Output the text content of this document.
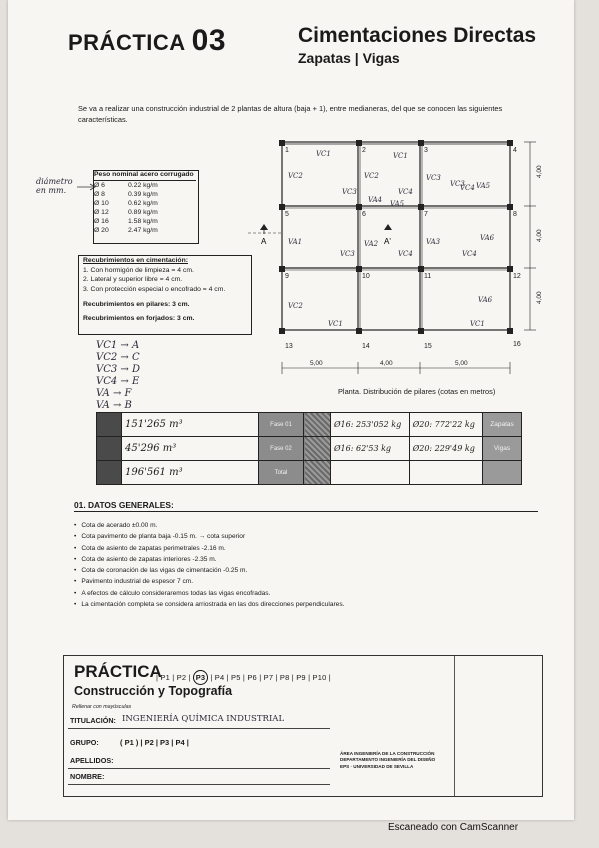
PRÁCTICA 03	Cimentaciones Directas
Zapatas | Vigas
Se va a realizar una construcción industrial de 2 plantas de altura (baja + 1), entre medianeras, del que se conocen las siguientes características.
diámetro en mm.
Peso nominal acero corrugado
Ø 6	0.22 kg/m
Ø 8	0.39 kg/m
Ø 10	0.62 kg/m
Ø 12	0.89 kg/m
Ø 16	1.58 kg/m
Ø 20	2.47 kg/m
Recubrimientos en cimentación:
1. Con hormigón de limpieza = 4 cm.
2. Lateral y superior libre = 4 cm.
3. Con protección especial o encofrado = 4 cm.
Recubrimientos en pilares: 3 cm.
Recubrimientos en forjados: 3 cm.
VC1 → A
VC2 → C
VC3 → D
VC4 → E
VA → F
VA → B
1	2	3	4
5	6	7	8
9	10	11	12
13	14	15	16
VC1	VC1
VC2
VC2
VC2	VC3
VC3
VC3
VC3	VC4
VC4
VC4
VC4
VA1	VA2	VA3
VA4 VA5
VA6
VA5
VA6
VC1	VC1
A	A'
5,00	4,00	5,00
4,00
4,00
4,00
Planta. Distribución de pilares (cotas en metros)
	151'265 m³	Fase 01		Ø16: 253'052 kg	Ø20: 772'22 kg	Zapatas
	45'296 m³	Fase 02		Ø16: 62'53 kg	Ø20: 229'49 kg	Vigas
	196'561 m³	Total				
01. DATOS GENERALES:
• Cota de acerado ±0.00 m.
• Cota pavimento de planta baja -0.15 m. → cota superior
• Cota de asiento de zapatas perimetrales -2.16 m.
• Cota de asiento de zapatas interiores -2.35 m.
• Cota de coronación de las vigas de cimentación -0.25 m.
• Pavimento industrial de espesor 7 cm.
• A efectos de cálculo consideraremos todas las vigas encofradas.
• La cimentación completa se considera arriostrada en las dos direcciones perpendiculares.
PRÁCTICA
| P1 | P2 | P3 | P4 | P5 | P6 | P7 | P8 | P9 | P10 |
Construcción y Topografía
Rellenar con mayúsculas
TITULACIÓN: INGENIERÍA QUÍMICA INDUSTRIAL
GRUPO:	( P1 ) | P2 | P3 | P4 |
APELLIDOS:
NOMBRE:
ÁREA INGENIERÍA DE LA CONSTRUCCIÓN
DEPARTAMENTO INGENIERÍA DEL DISEÑO
EPS · UNIVERSIDAD DE SEVILLA
Escaneado con CamScanner
